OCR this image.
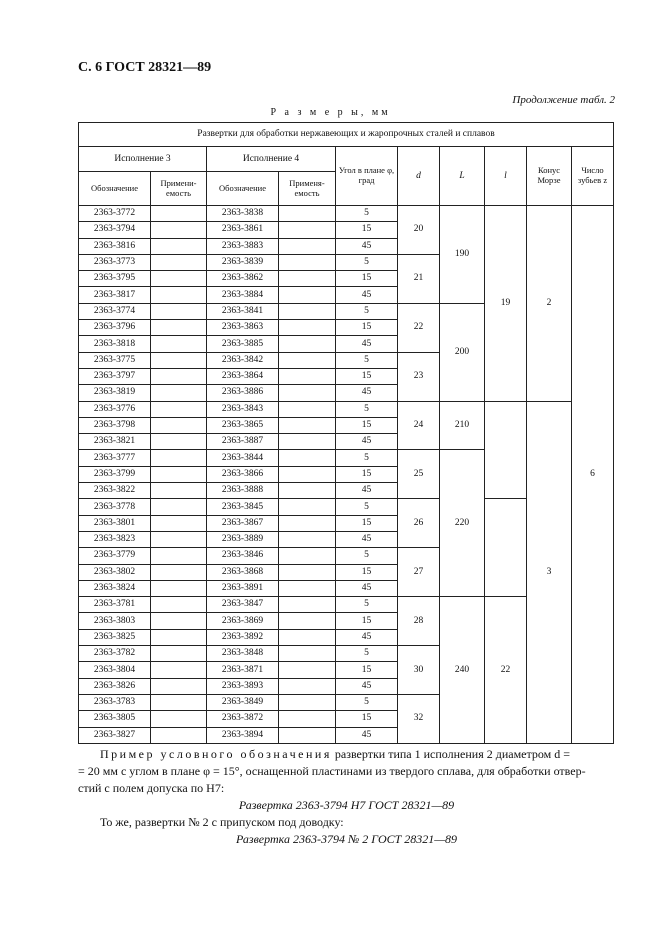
С. 6 ГОСТ 28321—89
Продолжение табл. 2
Р а з м е р ы, мм
Развертки для обработки нержавеющих и жаропрочных сталей и сплавов									
Исполнение 3		Исполнение 4		Угол в плане φ, град	d	L	l	Конус Морзе	Число зубьев z
Обозначение	Примени-емость	Обозначение	Применя-емость						
2363-3772		2363-3838		5	20	190	19	2	6
2363-3794		2363-3861		15					
2363-3816		2363-3883		45					
2363-3773		2363-3839		5	21				
2363-3795		2363-3862		15					
2363-3817		2363-3884		45					
2363-3774		2363-3841		5	22	200			
2363-3796		2363-3863		15					
2363-3818		2363-3885		45					
2363-3775		2363-3842		5	23				
2363-3797		2363-3864		15					
2363-3819		2363-3886		45					
2363-3776		2363-3843		5	24	210		3	
2363-3798		2363-3865		15					
2363-3821		2363-3887		45					
2363-3777		2363-3844		5	25	220			
2363-3799		2363-3866		15					
2363-3822		2363-3888		45					
2363-3778		2363-3845		5	26				
2363-3801		2363-3867		15					
2363-3823		2363-3889		45					
2363-3779		2363-3846		5	27				
2363-3802		2363-3868		15					
2363-3824		2363-3891		45					
2363-3781		2363-3847		5	28	240	22		
2363-3803		2363-3869		15					
2363-3825		2363-3892		45					
2363-3782		2363-3848		5	30				
2363-3804		2363-3871		15					
2363-3826		2363-3893		45					
2363-3783		2363-3849		5	32				
2363-3805		2363-3872		15					
2363-3827		2363-3894		45					

Пример условного обозначения развертки типа 1 исполнения 2 диаметром d =

= 20 мм с углом в плане φ = 15°, оснащенной пластинами из твердого сплава, для обработки отвер-

стий с полем допуска по Н7:

Развертка 2363-3794 Н7 ГОСТ 28321—89

То же, развертки № 2 с припуском под доводку:

Развертка 2363-3794 № 2 ГОСТ 28321—89
